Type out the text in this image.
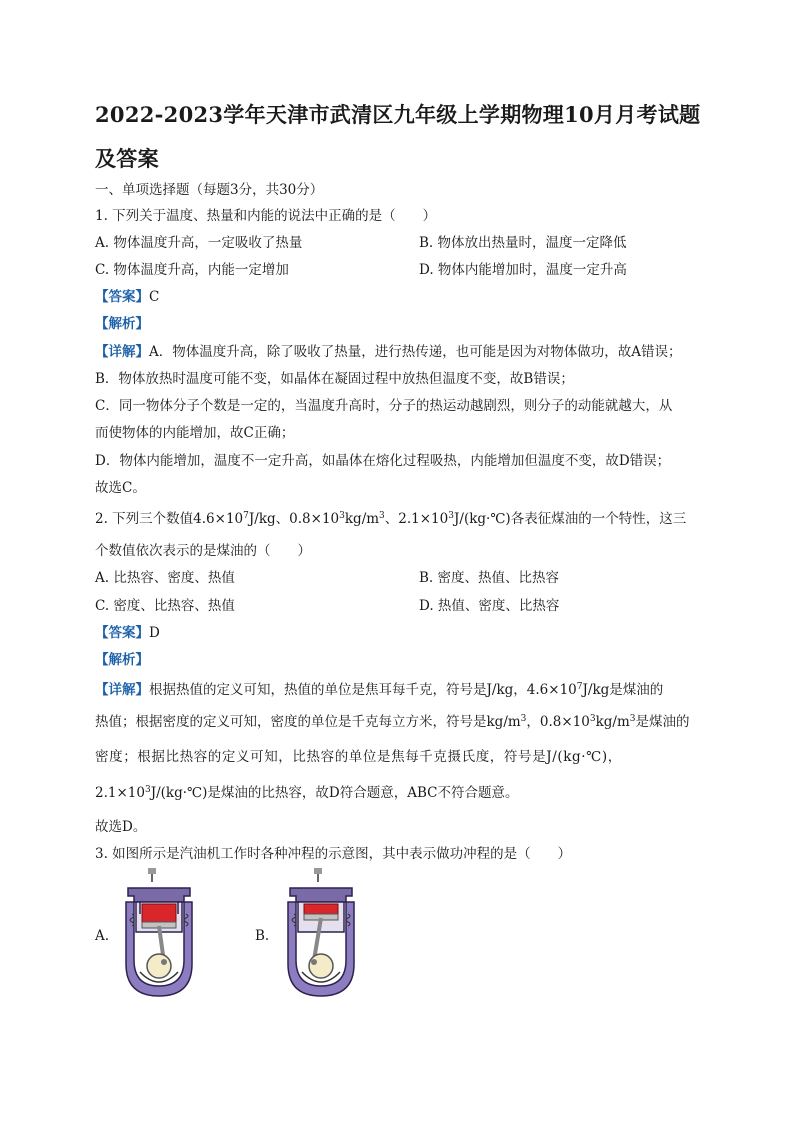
2022-2023学年天津市武清区九年级上学期物理10月月考试题及答案
一、单项选择题（每题3分，共30分）
1. 下列关于温度、热量和内能的说法中正确的是（　　）
A. 物体温度升高，一定吸收了热量	B. 物体放出热量时，温度一定降低
C. 物体温度升高，内能一定增加	D. 物体内能增加时，温度一定升高
【答案】C
【解析】
【详解】A．物体温度升高，除了吸收了热量，进行热传递，也可能是因为对物体做功，故A错误；
B．物体放热时温度可能不变，如晶体在凝固过程中放热但温度不变，故B错误；
C．同一物体分子个数是一定的，当温度升高时，分子的热运动越剧烈，则分子的动能就越大，从
而使物体的内能增加，故C正确；
D．物体内能增加，温度不一定升高，如晶体在熔化过程吸热，内能增加但温度不变，故D错误；
故选C。
2. 下列三个数值$4.6\times 10^7J/kg$、$0.8\times 10^3kg/m^3$、$2.1\times 10^3J/(kg\cdot℃)$各表征煤油的一个特性，这三
个数值依次表示的是煤油的（　　）
A. 比热容、密度、热值	B. 密度、热值、比热容
C. 密度、比热容、热值	D. 热值、密度、比热容
【答案】D
【解析】
【详解】根据热值的定义可知，热值的单位是焦耳每千克，符号是J/kg，$4.6\times 10^7J/kg$是煤油的
热值；根据密度的定义可知，密度的单位是千克每立方米，符号是$kg/m^3$，$0.8\times 10^3kg/m^3$是煤油的
密度；根据比热容的定义可知，比热容的单位是焦每千克摄氏度，符号是J/(kg·℃)，
$2.1\times 10^3J/(kg\cdot℃)$是煤油的比热容，故D符合题意，ABC不符合题意。
故选D。
3. 如图所示是汽油机工作时各种冲程的示意图，其中表示做功冲程的是（　　）
A.	B.
